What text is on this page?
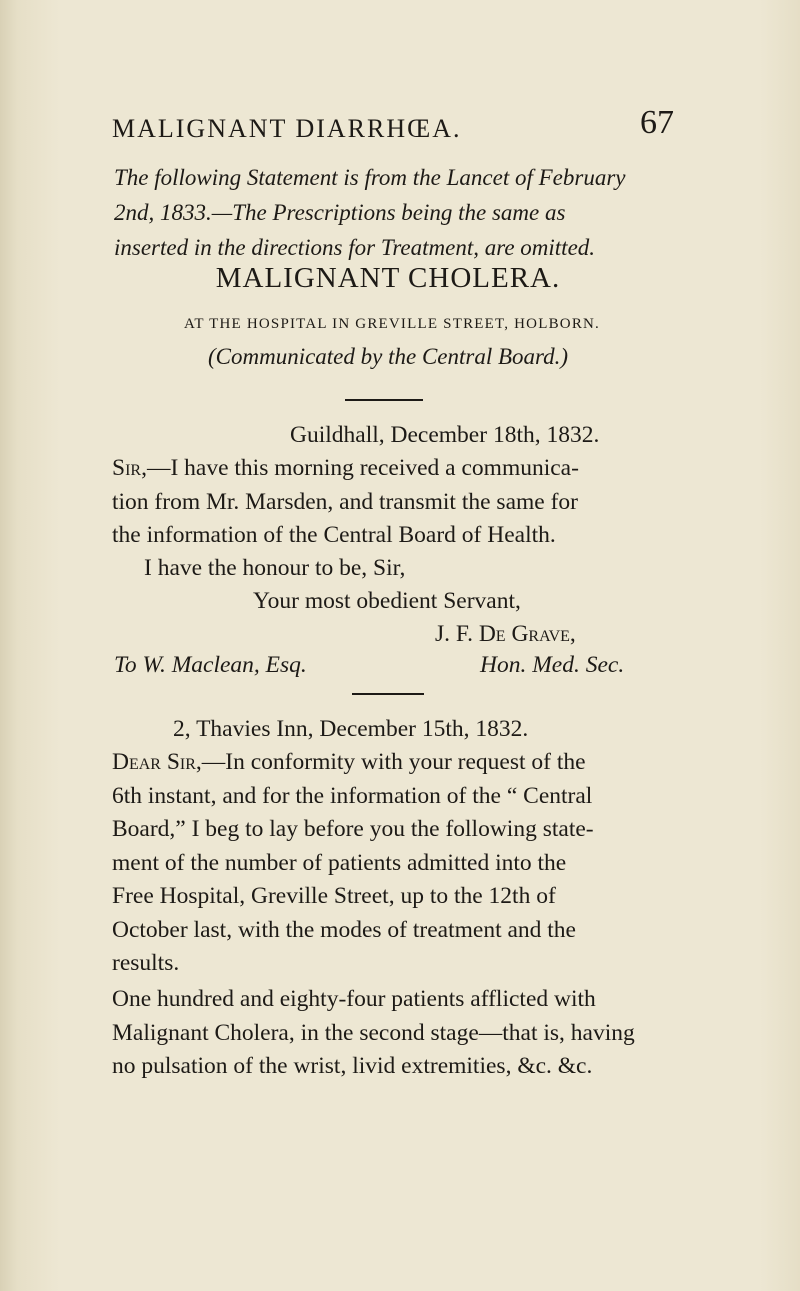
MALIGNANT DIARRHŒA.	67
The following Statement is from the Lancet of February
2nd, 1833.—The Prescriptions being the same as
inserted in the directions for Treatment, are omitted.
MALIGNANT CHOLERA.
AT THE HOSPITAL IN GREVILLE STREET, HOLBORN.
(Communicated by the Central Board.)
Guildhall, December 18th, 1832.
Sir,—I have this morning received a communica-
tion from Mr. Marsden, and transmit the same for
the information of the Central Board of Health.
I have the honour to be, Sir,
Your most obedient Servant,
J. F. De Grave,
To W. Maclean, Esq.	Hon. Med. Sec.
2, Thavies Inn, December 15th, 1832.
Dear Sir,—In conformity with your request of the
6th instant, and for the information of the “ Central
Board,” I beg to lay before you the following state-
ment of the number of patients admitted into the
Free Hospital, Greville Street, up to the 12th of
October last, with the modes of treatment and the
results.
One hundred and eighty-four patients afflicted with
Malignant Cholera, in the second stage—that is, having
no pulsation of the wrist, livid extremities, &c. &c.
